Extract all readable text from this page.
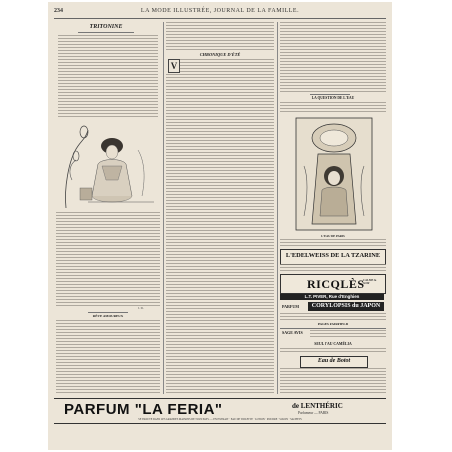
234	LA MODE ILLUSTRÉE, JOURNAL DE LA FAMILLE.
TRITONINE
J. D.
RÊVE AMOUREUX
CHRONIQUE D'ÉTÉ
V
LA QUESTION DE L'EAU
L'EAU DE PARIS
L'EDELWEISS DE LA TZARINE
RICQLÈS
CALME la SOIF
L.T. PIVER, Rue d'Enghien
CORYLOPSIS du JAPON
PARFUM
PAGES FAIRFIELD
SAGE AVIS
SEUL l'AU CAMÉLIA
Eau de Botot
PARFUM "LA FERIA"	de LENTHÉRIC
Parfumeur — PARIS
SE TROUVE DANS LES GRANDES MAISONS DE TOUS PAYS. — EN EXTRAIT · EAU DE TOILETTE · LOTION · POUDRE · SAVON · SACHETS
